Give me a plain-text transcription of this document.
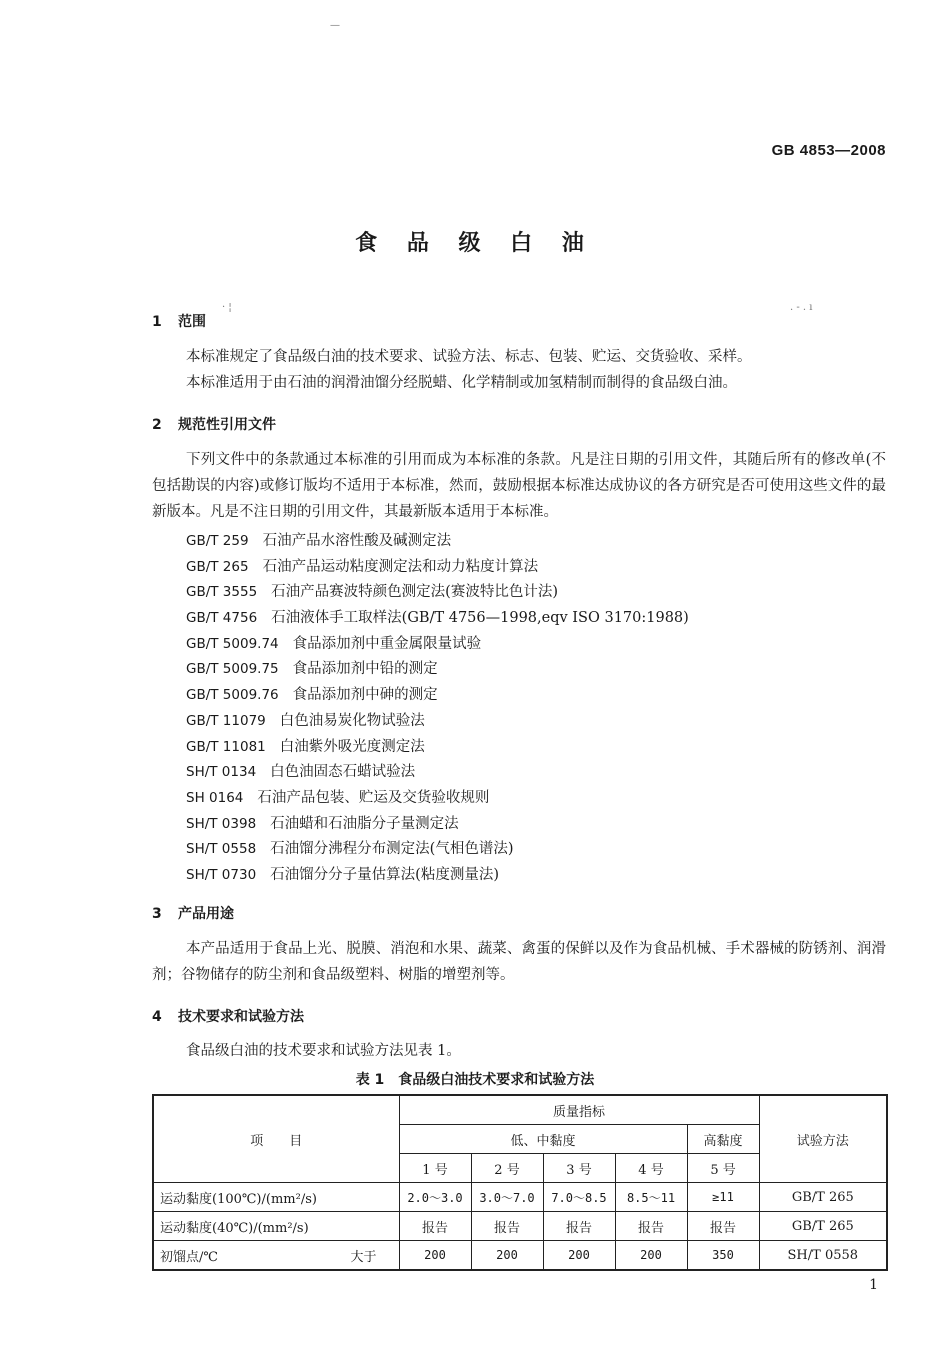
GB 4853—2008
食 品 级 白 油
—
· ¦	. - . ı
1 范围
本标准规定了食品级白油的技术要求、试验方法、标志、包装、贮运、交货验收、采样。
本标准适用于由石油的润滑油馏分经脱蜡、化学精制或加氢精制而制得的食品级白油。
2 规范性引用文件
下列文件中的条款通过本标准的引用而成为本标准的条款。凡是注日期的引用文件，其随后所有的修改单(不包括勘误的内容)或修订版均不适用于本标准，然而，鼓励根据本标准达成协议的各方研究是否可使用这些文件的最新版本。凡是不注日期的引用文件，其最新版本适用于本标准。
GB/T 259 石油产品水溶性酸及碱测定法
GB/T 265 石油产品运动粘度测定法和动力粘度计算法
GB/T 3555 石油产品赛波特颜色测定法(赛波特比色计法)
GB/T 4756 石油液体手工取样法(GB/T 4756—1998,eqv ISO 3170:1988)
GB/T 5009.74 食品添加剂中重金属限量试验
GB/T 5009.75 食品添加剂中铅的测定
GB/T 5009.76 食品添加剂中砷的测定
GB/T 11079 白色油易炭化物试验法
GB/T 11081 白油紫外吸光度测定法
SH/T 0134 白色油固态石蜡试验法
SH 0164 石油产品包装、贮运及交货验收规则
SH/T 0398 石油蜡和石油脂分子量测定法
SH/T 0558 石油馏分沸程分布测定法(气相色谱法)
SH/T 0730 石油馏分分子量估算法(粘度测量法)
3 产品用途
本产品适用于食品上光、脱膜、消泡和水果、蔬菜、禽蛋的保鲜以及作为食品机械、手术器械的防锈剂、润滑剂；谷物储存的防尘剂和食品级塑料、树脂的增塑剂等。
4 技术要求和试验方法
食品级白油的技术要求和试验方法见表 1。
表 1　食品级白油技术要求和试验方法
项　　目	质量指标					试验方法
	低、中黏度				高黏度	
	1 号	2 号	3 号	4 号	5 号	
运动黏度(100℃)/(mm²/s)	2.0～3.0	3.0～7.0	7.0～8.5	8.5～11	≥11	GB/T 265
运动黏度(40℃)/(mm²/s)	报告	报告	报告	报告	报告	GB/T 265
初馏点/℃ 大于	200	200	200	200	350	SH/T 0558
1
